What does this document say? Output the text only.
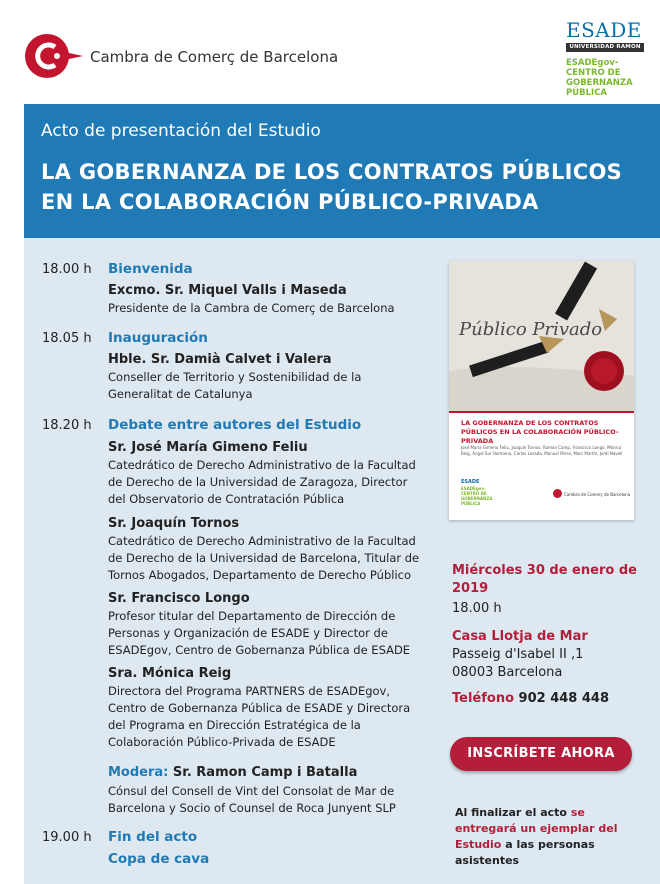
Cambra de Comerç de Barcelona
ESADE
UNIVERSIDAD RAMON LLULL
ESADEgov-CENTRO DE GOBERNANZA PÚBLICA
Acto de presentación del Estudio
LA GOBERNANZA DE LOS CONTRATOS PÚBLICOS EN LA COLABORACIÓN PÚBLICO-PRIVADA
18.00 h Bienvenida
Excmo. Sr. Miquel Valls i Maseda
Presidente de la Cambra de Comerç de Barcelona
18.05 h Inauguración
Hble. Sr. Damià Calvet i Valera
Conseller de Territorio y Sostenibilidad de la Generalitat de Catalunya
18.20 h Debate entre autores del Estudio
Sr. José María Gimeno Feliu
Catedrático de Derecho Administrativo de la Facultad de Derecho de la Universidad de Zaragoza, Director del Observatorio de Contratación Pública
Sr. Joaquín Tornos
Catedrático de Derecho Administrativo de la Facultad de Derecho de la Universidad de Barcelona, Titular de Tornos Abogados, Departamento de Derecho Público
Sr. Francisco Longo
Profesor titular del Departamento de Dirección de Personas y Organización de ESADE y Director de ESADEgov, Centro de Gobernanza Pública de ESADE
Sra. Mónica Reig
Directora del Programa PARTNERS de ESADEgov, Centro de Gobernanza Pública de ESADE y Directora del Programa en Dirección Estratégica de la Colaboración Público-Privada de ESADE
Modera: Sr. Ramon Camp i Batalla
Cónsul del Consell de Vint del Consolat de Mar de Barcelona y Socio of Counsel de Roca Junyent SLP
19.00 h Fin del acto
Copa de cava
Público Privado
LA GOBERNANZA DE LOS CONTRATOS PÚBLICOS EN LA COLABORACIÓN PÚBLICO-PRIVADA
José María Gimeno Feliu, Joaquín Tornos, Ramon Camp, Francisco Longo, Mónica Reig, Ángel Sur Hormeno, Carlos Losada, Manuel Pérez, Marc Martín, Jordi Navell
ESADE
ESADEgov-CENTRO DE GOBERNANZA PÚBLICA
Cambra de Comerç de Barcelona
Miércoles 30 de enero de 2019
18.00 h
Casa Llotja de Mar
Passeig d'Isabel II ,1
08003 Barcelona
Teléfono 902 448 448
INSCRÍBETE AHORA
Al finalizar el acto se entregará un ejemplar del Estudio a las personas asistentes
